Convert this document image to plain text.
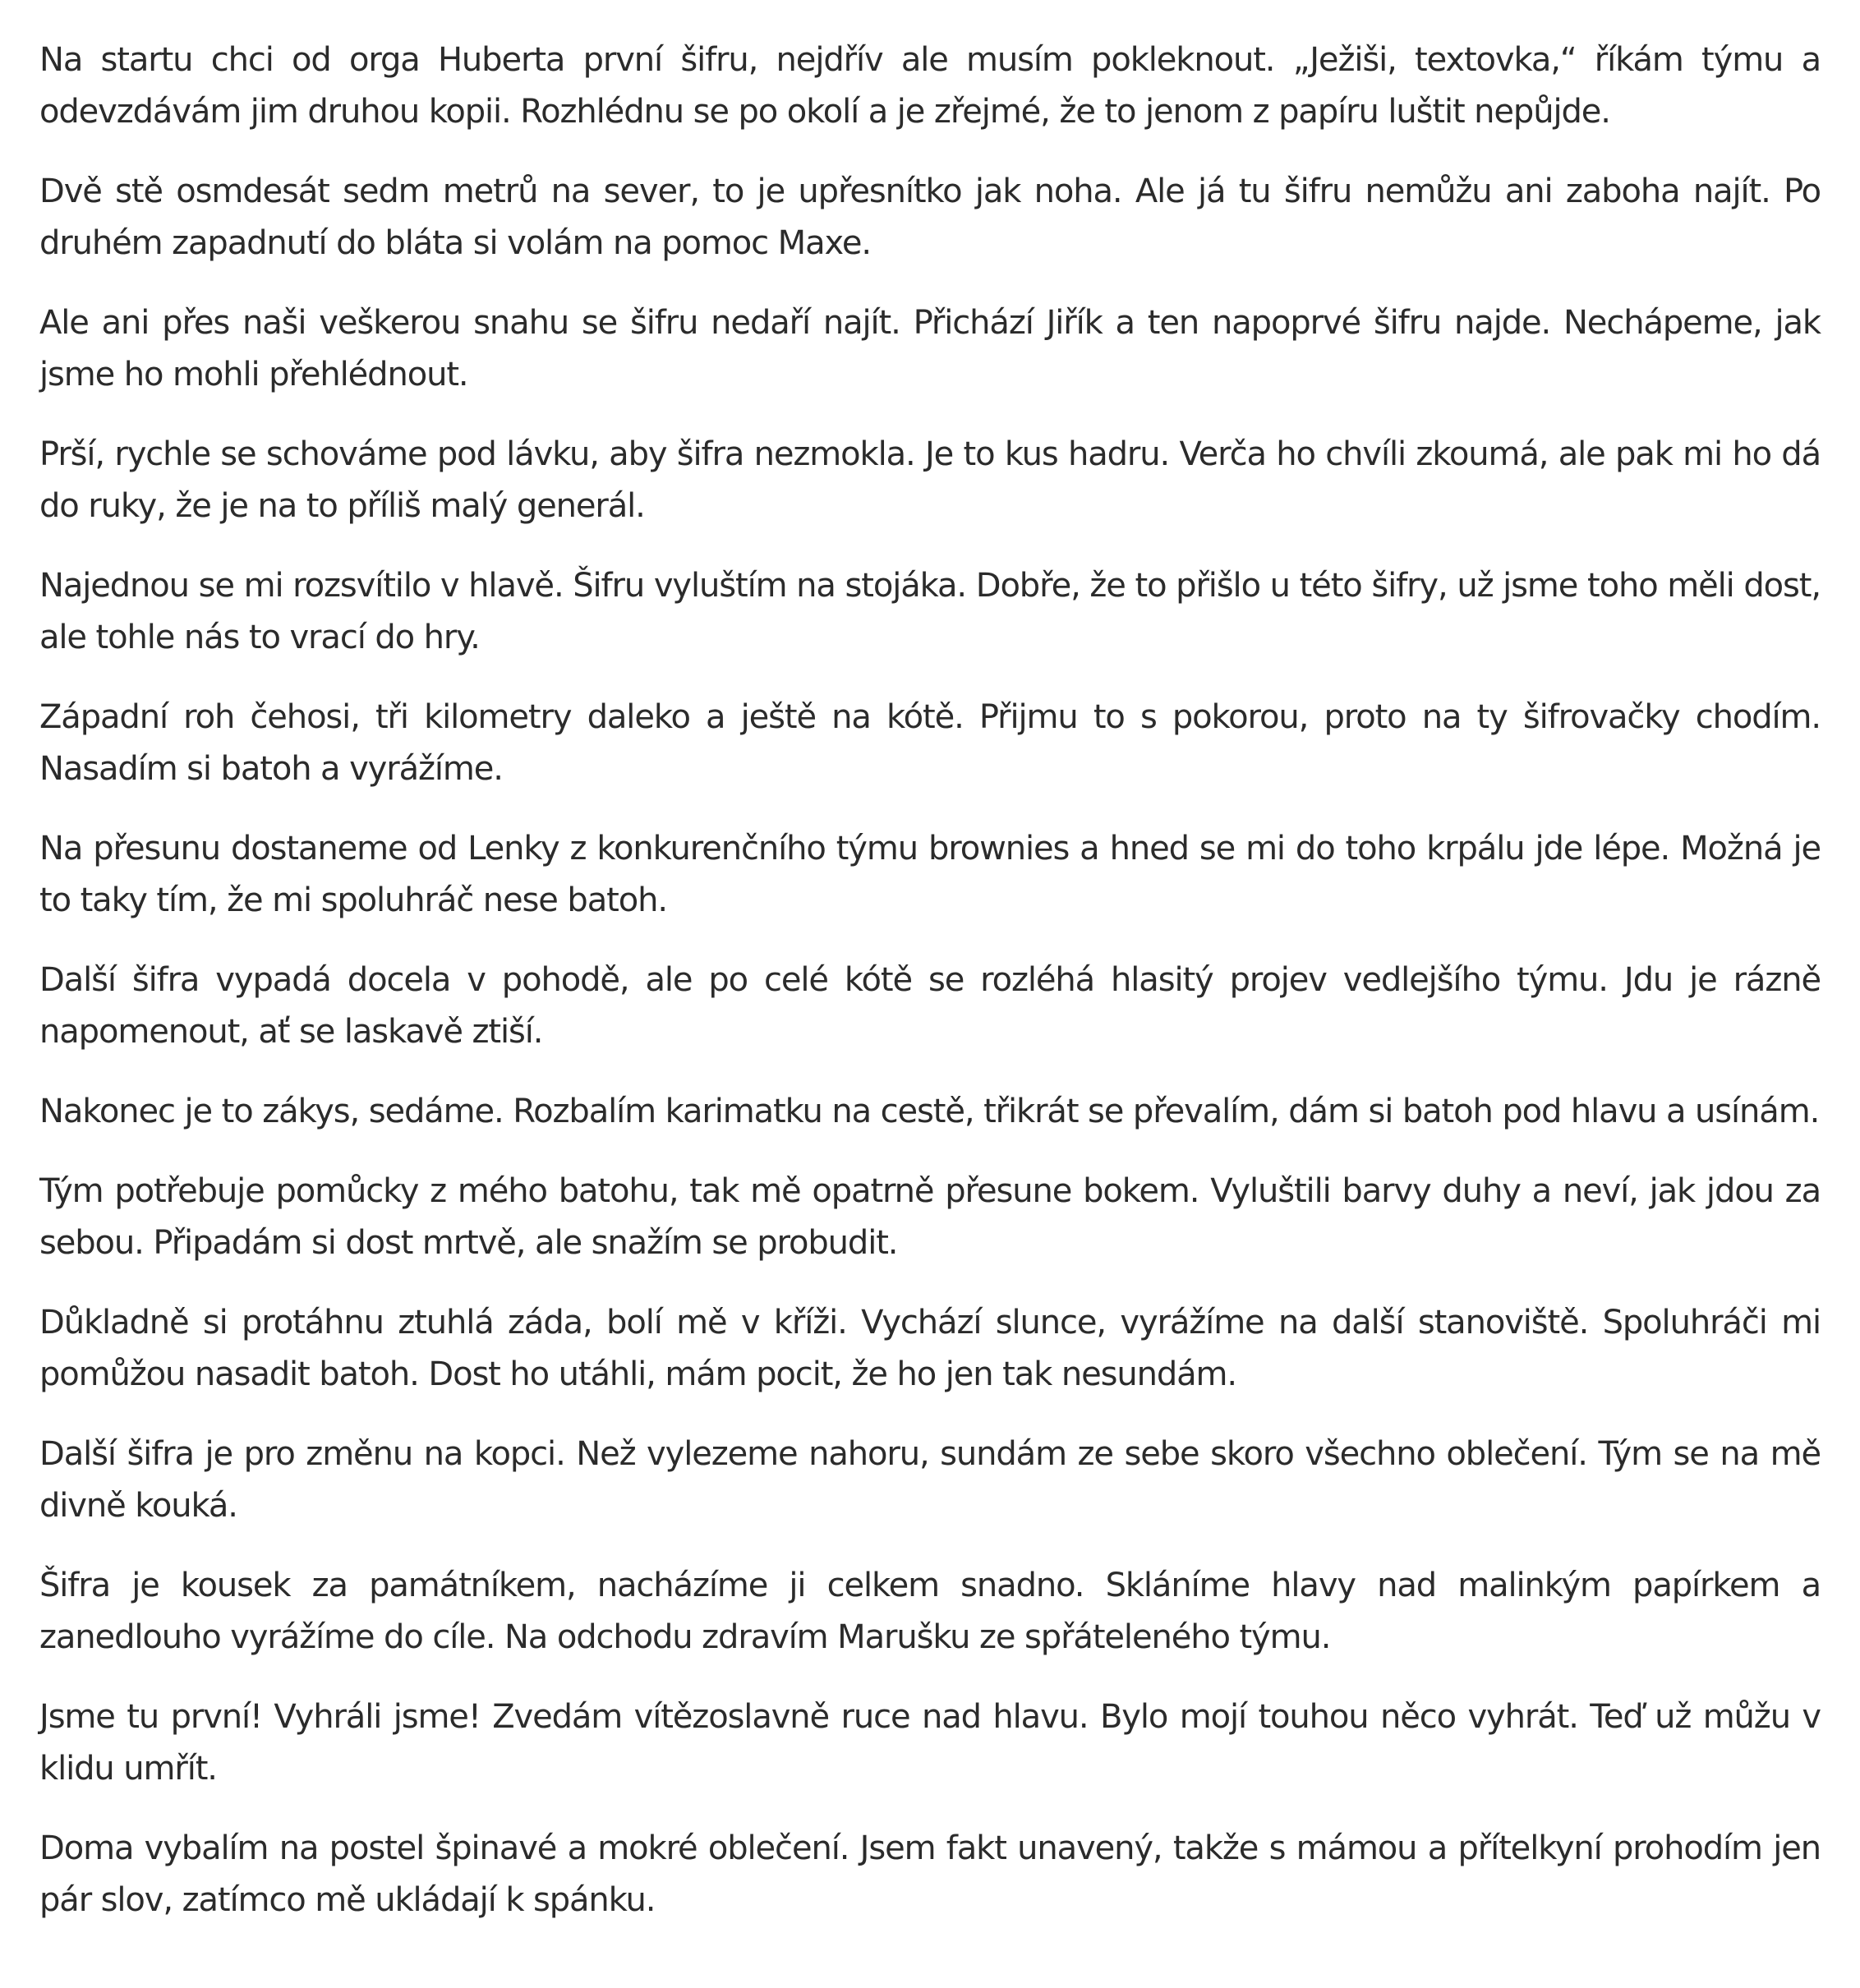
Na startu chci od orga Huberta první šifru, nejdřív ale musím pokleknout. „Ježiši, textovka,“ říkám týmu a odevzdávám jim druhou kopii. Rozhlédnu se po okolí a je zřejmé, že to jenom z papíru luštit nepůjde.

Dvě stě osmdesát sedm metrů na sever, to je upřesnítko jak noha. Ale já tu šifru nemůžu ani zaboha najít. Po druhém zapadnutí do bláta si volám na pomoc Maxe.

Ale ani přes naši veškerou snahu se šifru nedaří najít. Přichází Jiřík a ten napoprvé šifru najde. Nechápeme, jak jsme ho mohli přehlédnout.

Prší, rychle se schováme pod lávku, aby šifra nezmokla. Je to kus hadru. Verča ho chvíli zkoumá, ale pak mi ho dá do ruky, že je na to příliš malý generál.

Najednou se mi rozsvítilo v hlavě. Šifru vyluštím na stojáka. Dobře, že to přišlo u této šifry, už jsme toho měli dost, ale tohle nás to vrací do hry.

Západní roh čehosi, tři kilometry daleko a ještě na kótě. Přijmu to s pokorou, proto na ty šifrovačky chodím. Nasadím si batoh a vyrážíme.

Na přesunu dostaneme od Lenky z konkurenčního týmu brownies a hned se mi do toho krpálu jde lépe. Možná je to taky tím, že mi spoluhráč nese batoh.

Další šifra vypadá docela v pohodě, ale po celé kótě se rozléhá hlasitý projev vedlejšího týmu. Jdu je rázně napomenout, ať se laskavě ztiší.

Nakonec je to zákys, sedáme. Rozbalím karimatku na cestě, třikrát se převalím, dám si batoh pod hlavu a usínám.

Tým potřebuje pomůcky z mého batohu, tak mě opatrně přesune bokem. Vyluštili barvy duhy a neví, jak jdou za sebou. Připadám si dost mrtvě, ale snažím se probudit.

Důkladně si protáhnu ztuhlá záda, bolí mě v kříži. Vychází slunce, vyrážíme na další stanoviště. Spoluhráči mi pomůžou nasadit batoh. Dost ho utáhli, mám pocit, že ho jen tak nesundám.

Další šifra je pro změnu na kopci. Než vylezeme nahoru, sundám ze sebe skoro všechno oblečení. Tým se na mě divně kouká.

Šifra je kousek za památníkem, nacházíme ji celkem snadno. Skláníme hlavy nad malinkým papírkem a zanedlouho vyrážíme do cíle. Na odchodu zdravím Marušku ze spřáteleného týmu.

Jsme tu první! Vyhráli jsme! Zvedám vítězoslavně ruce nad hlavu. Bylo mojí touhou něco vyhrát. Teď už můžu v klidu umřít.

Doma vybalím na postel špinavé a mokré oblečení. Jsem fakt unavený, takže s mámou a přítelkyní prohodím jen pár slov, zatímco mě ukládají k spánku.
